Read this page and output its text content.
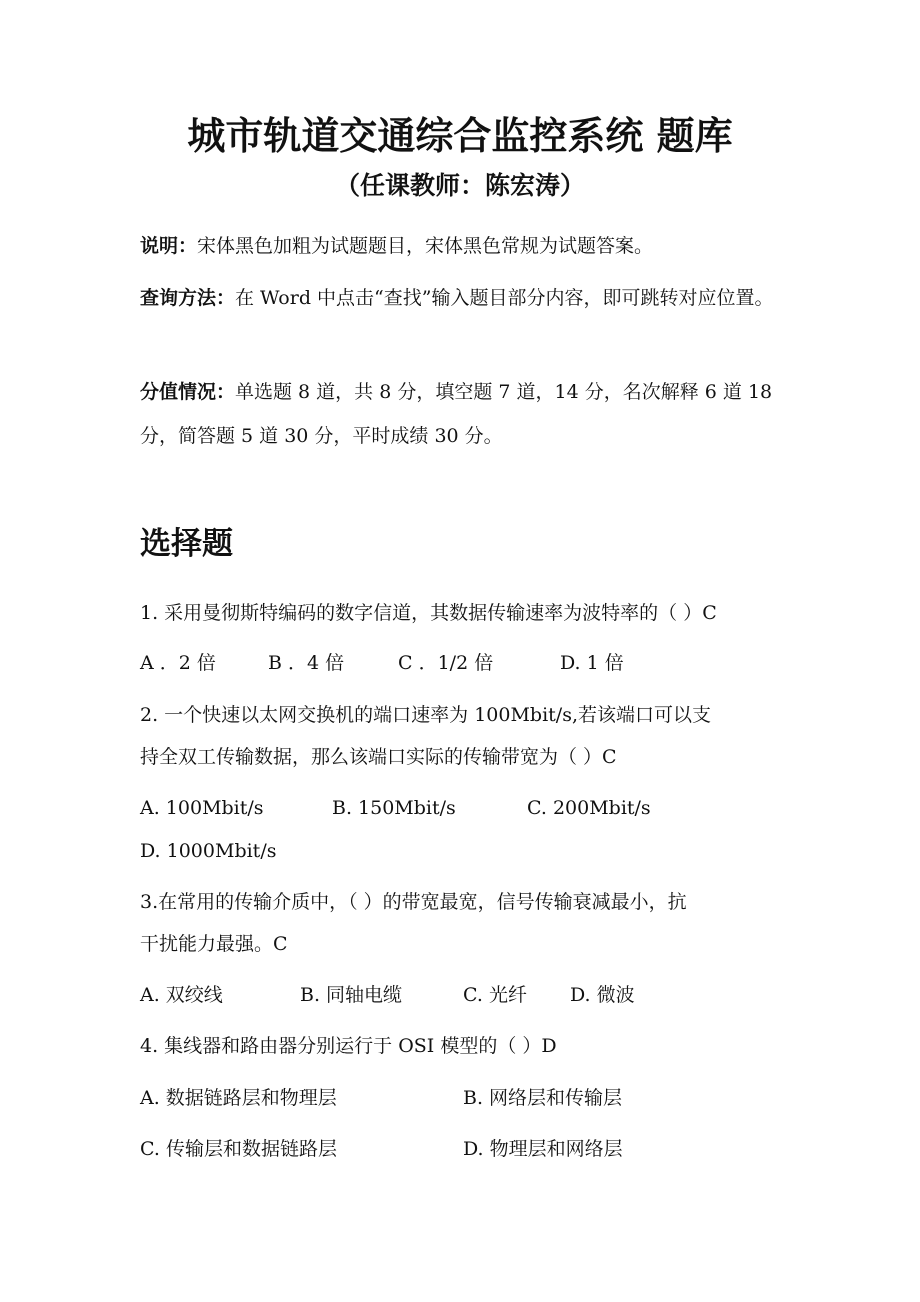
城市轨道交通综合监控系统 题库
（任课教师：陈宏涛）

说明：宋体黑色加粗为试题题目，宋体黑色常规为试题答案。

查询方法：在 Word 中点击“查找”输入题目部分内容，即可跳转对应位置。

分值情况：单选题 8 道，共 8 分，填空题 7 道，14 分，名次解释 6 道 18 分，简答题 5 道 30 分，平时成绩 30 分。

选择题
1. 采用曼彻斯特编码的数字信道，其数据传输速率为波特率的（ ）C
A ．2 倍	B ．4 倍	C ．1/2 倍	D. 1 倍
2. 一个快速以太网交换机的端口速率为 100Mbit/s,若该端口可以支
持全双工传输数据，那么该端口实际的传输带宽为（ ）C
A. 100Mbit/s	B. 150Mbit/s	C. 200Mbit/s
D. 1000Mbit/s
3.在常用的传输介质中，（ ）的带宽最宽，信号传输衰减最小，抗
干扰能力最强。C
A. 双绞线	B. 同轴电缆	C. 光纤 D. 微波
4. 集线器和路由器分别运行于 OSI 模型的（ ）D
A. 数据链路层和物理层	B. 网络层和传输层
C. 传输层和数据链路层	D. 物理层和网络层
